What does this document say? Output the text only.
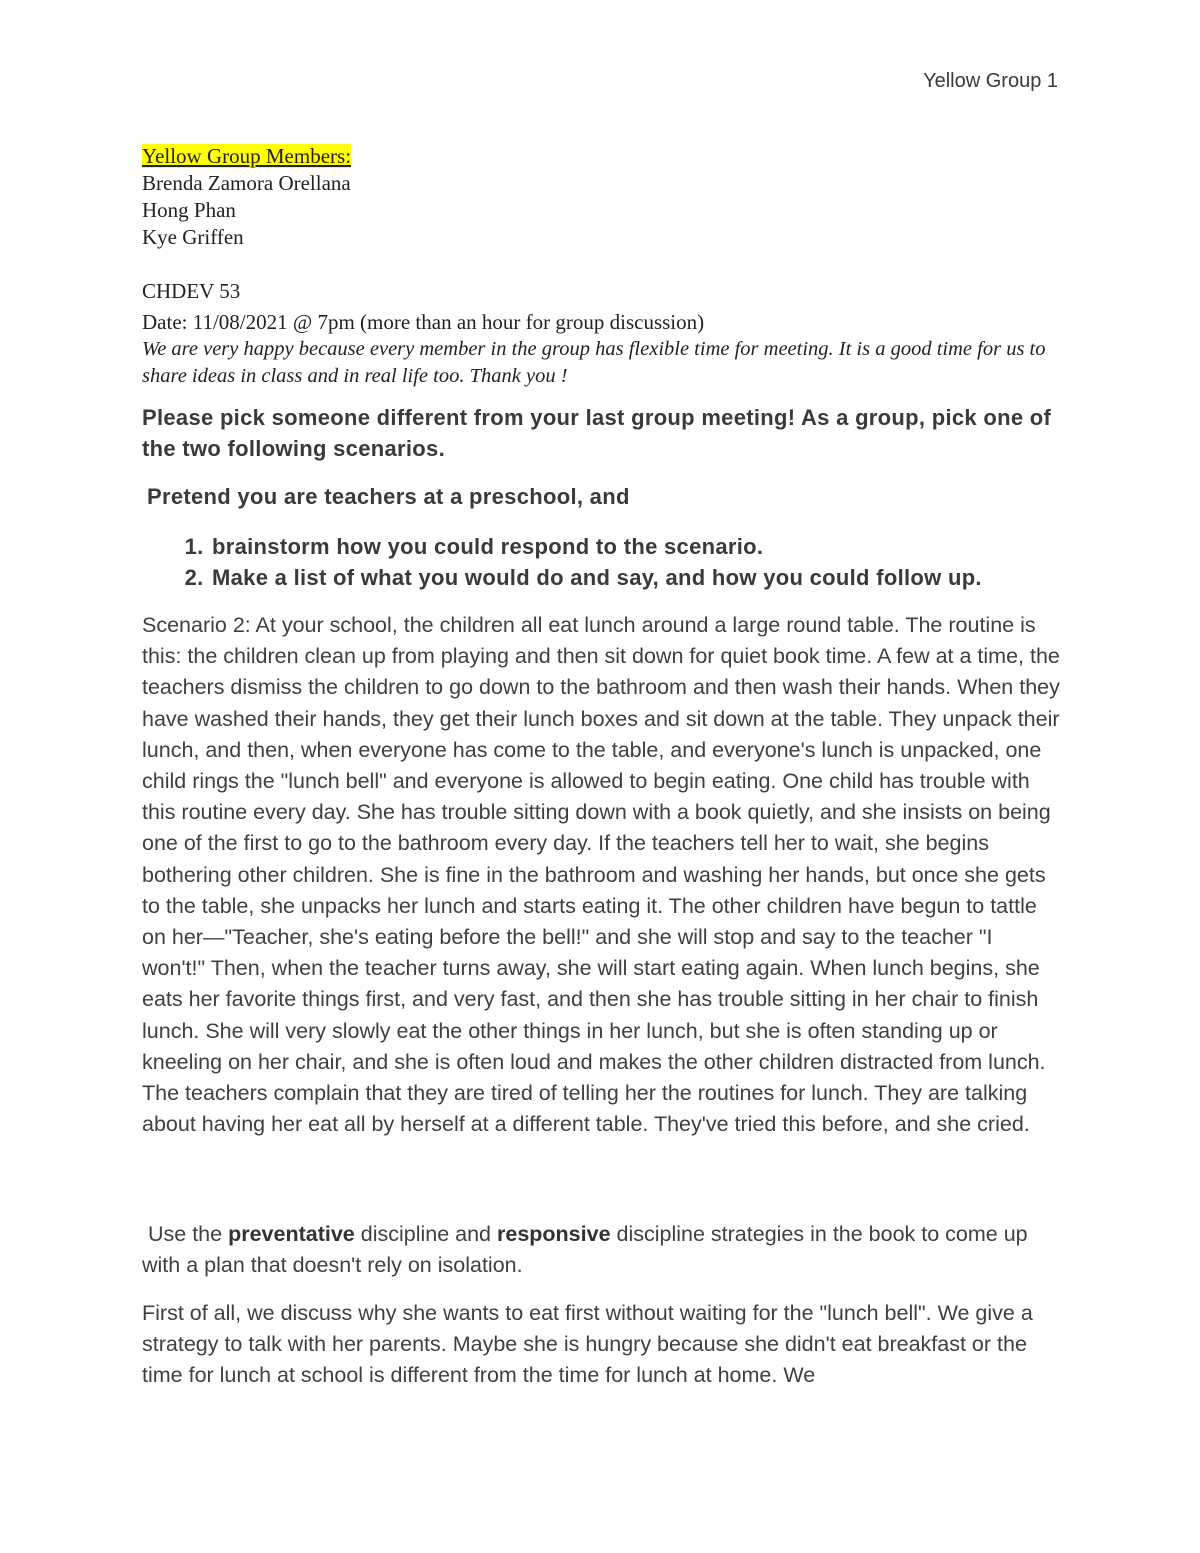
Yellow Group 1
Yellow Group Members:
Brenda Zamora Orellana
Hong Phan
Kye Griffen
CHDEV 53
Date: 11/08/2021 @ 7pm (more than an hour for group discussion)
We are very happy because every member in the group has flexible time for meeting. It is a good time for us to share ideas in class and in real life too. Thank you !
Please pick someone different from your last group meeting! As a group, pick one of the two following scenarios.
Pretend you are teachers at a preschool, and
1. brainstorm how you could respond to the scenario.
2. Make a list of what you would do and say, and how you could follow up.
Scenario 2: At your school, the children all eat lunch around a large round table. The routine is this: the children clean up from playing and then sit down for quiet book time. A few at a time, the teachers dismiss the children to go down to the bathroom and then wash their hands. When they have washed their hands, they get their lunch boxes and sit down at the table. They unpack their lunch, and then, when everyone has come to the table, and everyone's lunch is unpacked, one child rings the "lunch bell" and everyone is allowed to begin eating. One child has trouble with this routine every day. She has trouble sitting down with a book quietly, and she insists on being one of the first to go to the bathroom every day. If the teachers tell her to wait, she begins bothering other children. She is fine in the bathroom and washing her hands, but once she gets to the table, she unpacks her lunch and starts eating it. The other children have begun to tattle on her—"Teacher, she's eating before the bell!" and she will stop and say to the teacher "I won't!" Then, when the teacher turns away, she will start eating again. When lunch begins, she eats her favorite things first, and very fast, and then she has trouble sitting in her chair to finish lunch. She will very slowly eat the other things in her lunch, but she is often standing up or kneeling on her chair, and she is often loud and makes the other children distracted from lunch. The teachers complain that they are tired of telling her the routines for lunch. They are talking about having her eat all by herself at a different table. They've tried this before, and she cried.
Use the preventative discipline and responsive discipline strategies in the book to come up with a plan that doesn't rely on isolation.
First of all, we discuss why she wants to eat first without waiting for the "lunch bell". We give a strategy to talk with her parents. Maybe she is hungry because she didn't eat breakfast or the time for lunch at school is different from the time for lunch at home. We
